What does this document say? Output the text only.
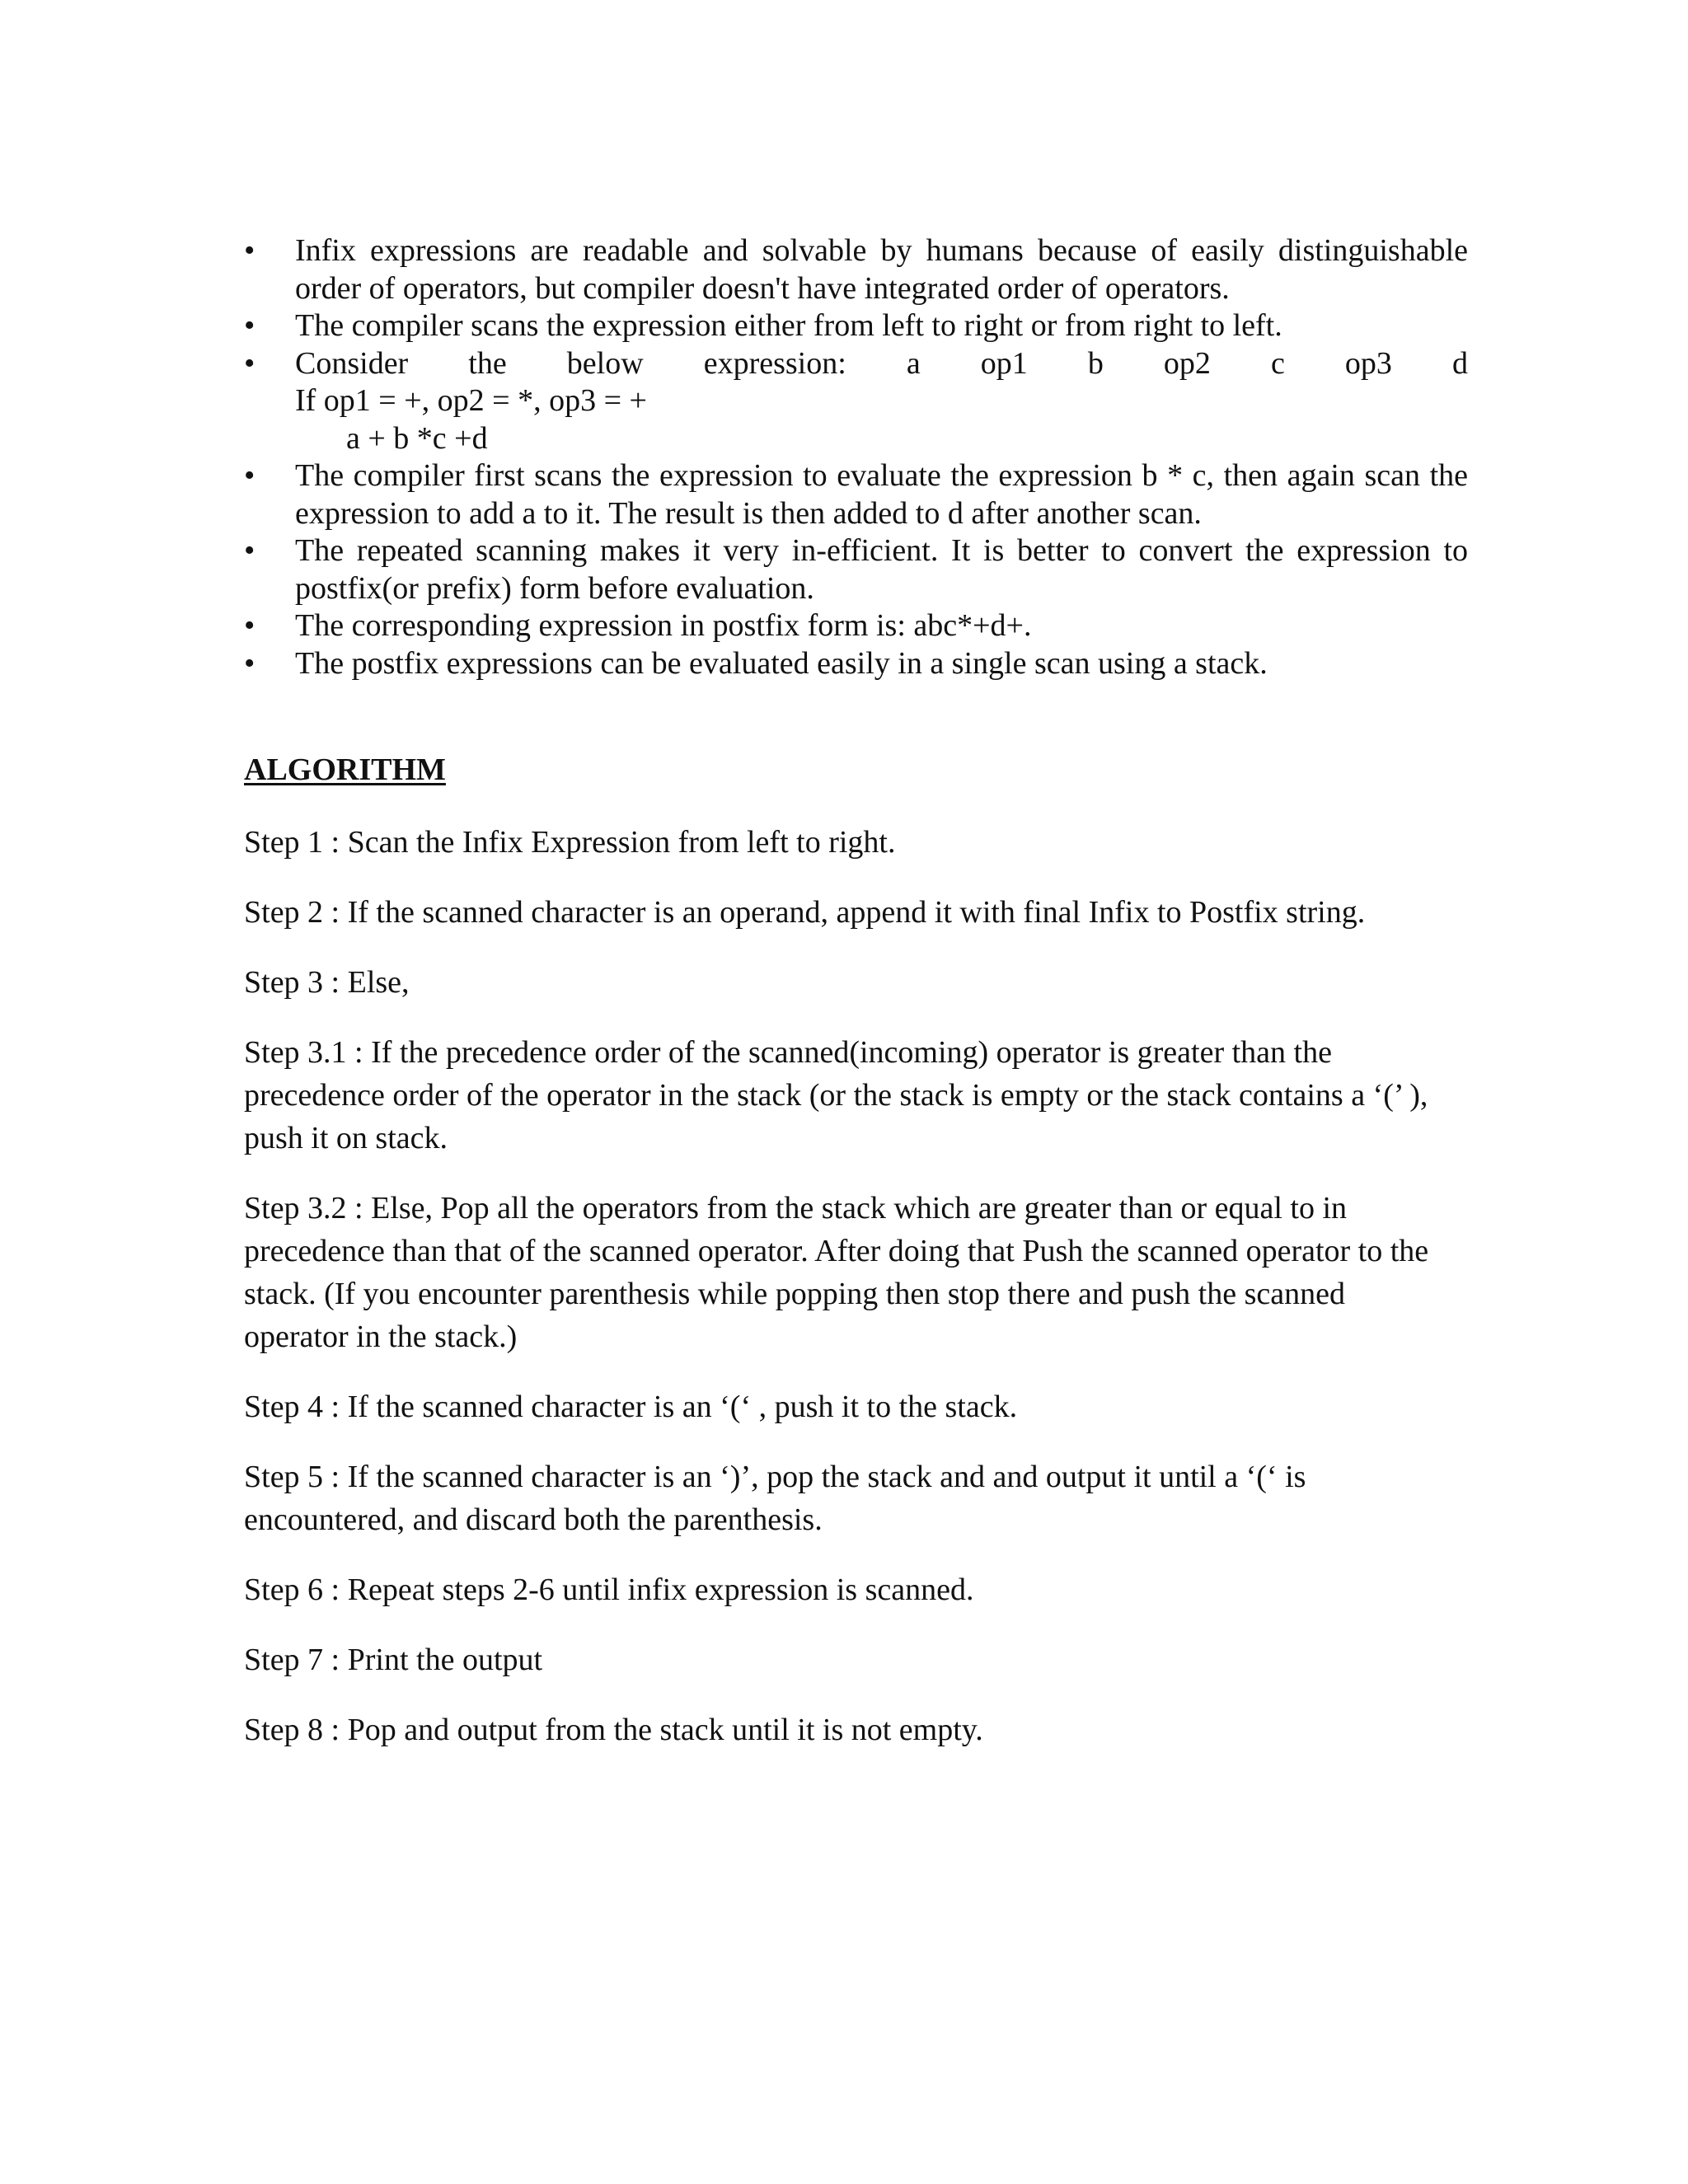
• Infix expressions are readable and solvable by humans because of easily distinguishable order of operators, but compiler doesn't have integrated order of operators.
• The compiler scans the expression either from left to right or from right to left.
• Consider the below expression: a op1 b op2 c op3 d
If op1 = +, op2 = *, op3 = +
a + b *c +d
• The compiler first scans the expression to evaluate the expression b * c, then again scan the expression to add a to it. The result is then added to d after another scan.
• The repeated scanning makes it very in-efficient. It is better to convert the expression to postfix(or prefix) form before evaluation.
• The corresponding expression in postfix form is: abc*+d+.
• The postfix expressions can be evaluated easily in a single scan using a stack.
ALGORITHM

Step 1 : Scan the Infix Expression from left to right.

Step 2 : If the scanned character is an operand, append it with final Infix to Postfix string.

Step 3 : Else,

Step 3.1 : If the precedence order of the scanned(incoming) operator is greater than the precedence order of the operator in the stack (or the stack is empty or the stack contains a ‘(’ ), push it on stack.

Step 3.2 : Else, Pop all the operators from the stack which are greater than or equal to in precedence than that of the scanned operator. After doing that Push the scanned operator to the stack. (If you encounter parenthesis while popping then stop there and push the scanned operator in the stack.)

Step 4 : If the scanned character is an ‘(‘ , push it to the stack.

Step 5 : If the scanned character is an ‘)’, pop the stack and and output it until a ‘(‘ is encountered, and discard both the parenthesis.

Step 6 : Repeat steps 2-6 until infix expression is scanned.

Step 7 : Print the output

Step 8 : Pop and output from the stack until it is not empty.
